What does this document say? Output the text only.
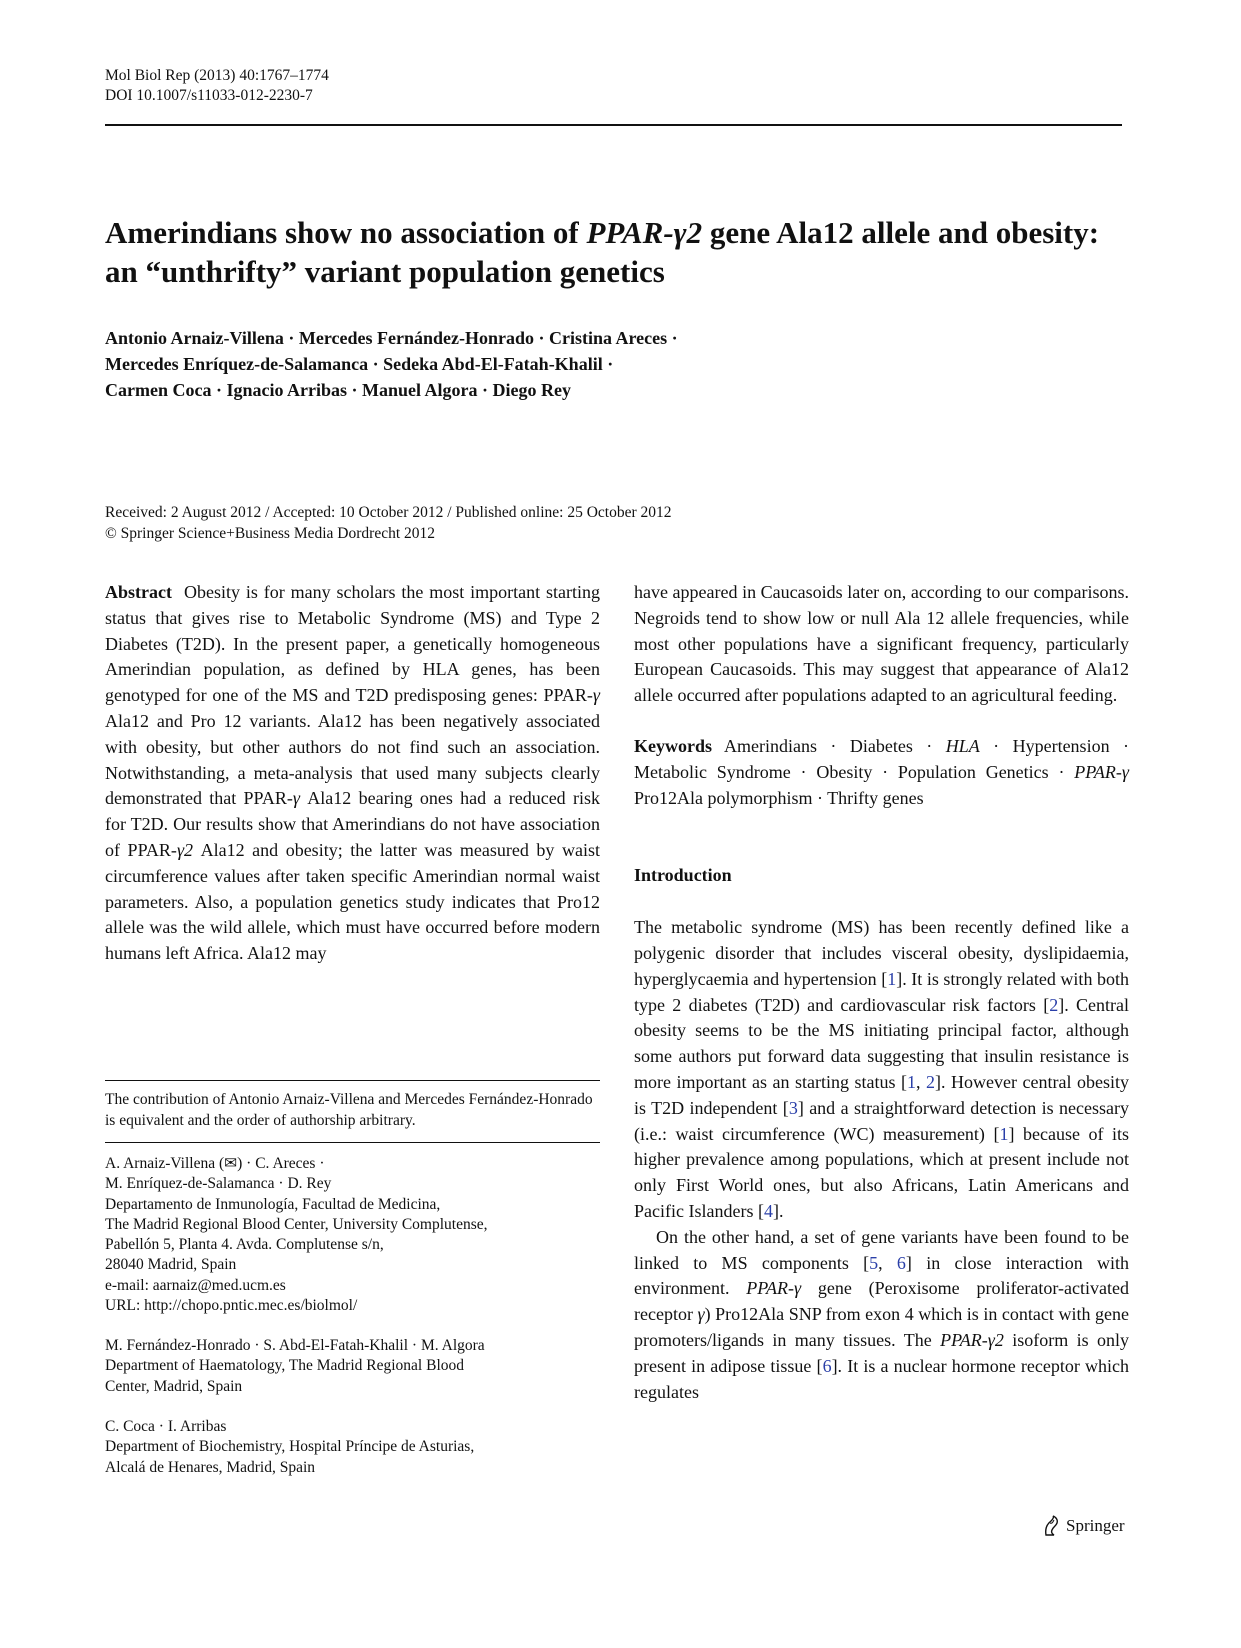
Mol Biol Rep (2013) 40:1767–1774
DOI 10.1007/s11033-012-2230-7
Amerindians show no association of PPAR-γ2 gene Ala12 allele and obesity: an “unthrifty” variant population genetics

Antonio Arnaiz-Villena · Mercedes Fernández-Honrado · Cristina Areces ·
Mercedes Enríquez-de-Salamanca · Sedeka Abd-El-Fatah-Khalil ·
Carmen Coca · Ignacio Arribas · Manuel Algora · Diego Rey

Received: 2 August 2012 / Accepted: 10 October 2012 / Published online: 25 October 2012
© Springer Science+Business Media Dordrecht 2012

Abstract Obesity is for many scholars the most important starting status that gives rise to Metabolic Syndrome (MS) and Type 2 Diabetes (T2D). In the present paper, a genetically homogeneous Amerindian population, as defined by HLA genes, has been genotyped for one of the MS and T2D predisposing genes: PPAR-γ Ala12 and Pro 12 variants. Ala12 has been negatively associated with obesity, but other authors do not find such an association. Notwithstanding, a meta-analysis that used many subjects clearly demonstrated that PPAR-γ Ala12 bearing ones had a reduced risk for T2D. Our results show that Amerindians do not have association of PPAR-γ2 Ala12 and obesity; the latter was measured by waist circumference values after taken specific Amerindian normal waist parameters. Also, a population genetics study indicates that Pro12 allele was the wild allele, which must have occurred before modern humans left Africa. Ala12 may

have appeared in Caucasoids later on, according to our comparisons. Negroids tend to show low or null Ala 12 allele frequencies, while most other populations have a significant frequency, particularly European Caucasoids. This may suggest that appearance of Ala12 allele occurred after populations adapted to an agricultural feeding.

Keywords Amerindians · Diabetes · HLA · Hypertension · Metabolic Syndrome · Obesity · Population Genetics · PPAR-γ Pro12Ala polymorphism · Thrifty genes

Introduction

The metabolic syndrome (MS) has been recently defined like a polygenic disorder that includes visceral obesity, dyslipidaemia, hyperglycaemia and hypertension [1]. It is strongly related with both type 2 diabetes (T2D) and cardiovascular risk factors [2]. Central obesity seems to be the MS initiating principal factor, although some authors put forward data suggesting that insulin resistance is more important as an starting status [1, 2]. However central obesity is T2D independent [3] and a straightforward detection is necessary (i.e.: waist circumference (WC) measurement) [1] because of its higher prevalence among populations, which at present include not only First World ones, but also Africans, Latin Americans and Pacific Islanders [4].

On the other hand, a set of gene variants have been found to be linked to MS components [5, 6] in close interaction with environment. PPAR-γ gene (Peroxisome proliferator-activated receptor γ) Pro12Ala SNP from exon 4 which is in contact with gene promoters/ligands in many tissues. The PPAR-γ2 isoform is only present in adipose tissue [6]. It is a nuclear hormone receptor which regulates

The contribution of Antonio Arnaiz-Villena and Mercedes Fernández-Honrado is equivalent and the order of authorship arbitrary.

A. Arnaiz-Villena (✉) · C. Areces ·
M. Enríquez-de-Salamanca · D. Rey
Departamento de Inmunología, Facultad de Medicina,
The Madrid Regional Blood Center, University Complutense,
Pabellón 5, Planta 4. Avda. Complutense s/n,
28040 Madrid, Spain
e-mail: aarnaiz@med.ucm.es
URL: http://chopo.pntic.mec.es/biolmol/
M. Fernández-Honrado · S. Abd-El-Fatah-Khalil · M. Algora
Department of Haematology, The Madrid Regional Blood
Center, Madrid, Spain
C. Coca · I. Arribas
Department of Biochemistry, Hospital Príncipe de Asturias,
Alcalá de Henares, Madrid, Spain
Springer
